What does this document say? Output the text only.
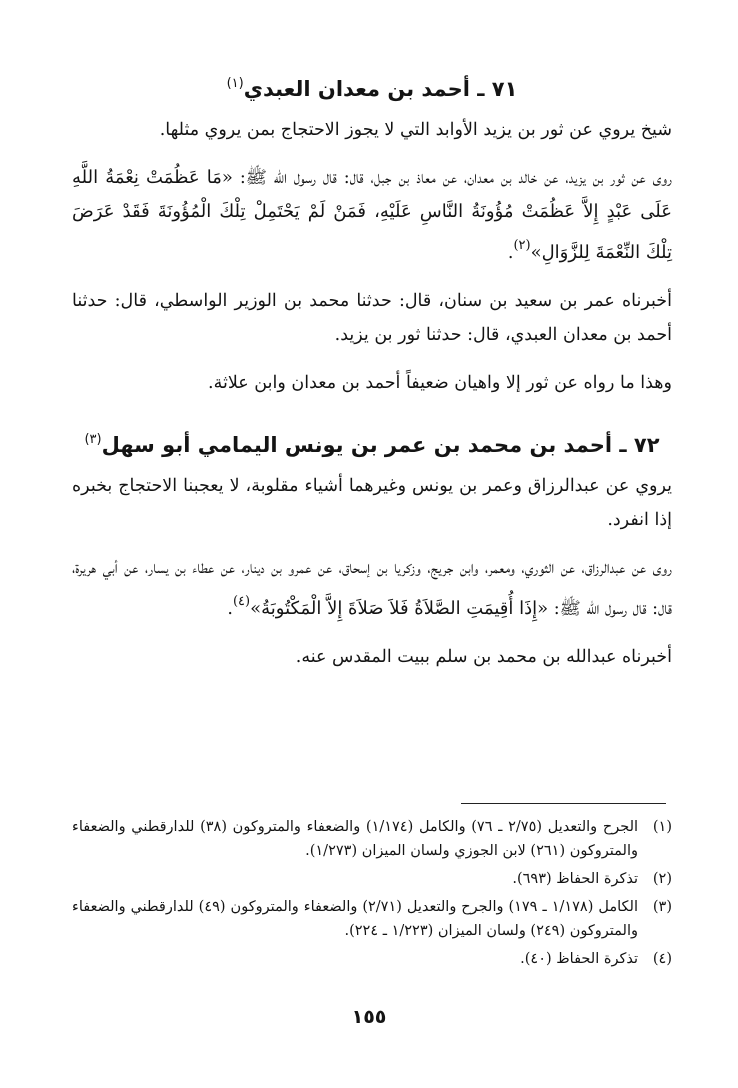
٧١ ـ أحمد بن معدان العبدي$^{(١)}$

شيخ يروي عن ثور بن يزيد الأوابد التي لا يجوز الاحتجاج بمن يروي مثلها.

روى عن ثور بن يزيد، عن خالد بن معدان، عن معاذ بن جبل، قال: قال رسول الله ﷺ: «مَا عَظُمَتْ نِعْمَةُ اللَّهِ عَلَى عَبْدٍ إِلاَّ عَظُمَتْ مُؤُونَةُ النَّاسِ عَلَيْهِ، فَمَنْ لَمْ يَحْتَمِلْ تِلْكَ الْمُؤُونَةَ فَقَدْ عَرَضَ تِلْكَ النِّعْمَةَ لِلزَّوَالِ»$^{(٢)}$.

أخبرناه عمر بن سعيد بن سنان، قال: حدثنا محمد بن الوزير الواسطي، قال: حدثنا أحمد بن معدان العبدي، قال: حدثنا ثور بن يزيد.

وهذا ما رواه عن ثور إلا واهيان ضعيفاً أحمد بن معدان وابن علاثة.

٧٢ ـ أحمد بن محمد بن عمر بن يونس اليمامي أبو سهل$^{(٣)}$

يروي عن عبدالرزاق وعمر بن يونس وغيرهما أشياء مقلوبة، لا يعجبنا الاحتجاج بخبره إذا انفرد.

روى عن عبدالرزاق، عن الثوري، ومعمر، وابن جريج، وزكريا بن إسحاق، عن عمرو بن دينار، عن عطاء بن يسار، عن أبي هريرة، قال: قال رسول الله ﷺ: «إِذَا أُقِيمَتِ الصَّلاَةُ فَلاَ صَلاَةَ إِلاَّ الْمَكْتُوبَةُ»$^{(٤)}$.

أخبرناه عبدالله بن محمد بن سلم ببيت المقدس عنه.

(١)
الجرح والتعديل (٢/٧٥ ـ ٧٦) والكامل (١/١٧٤) والضعفاء والمتروكون (٣٨) للدارقطني والضعفاء والمتروكون (٢٦١) لابن الجوزي ولسان الميزان (١/٢٧٣).
(٢)
تذكرة الحفاظ (٦٩٣).
(٣)
الكامل (١/١٧٨ ـ ١٧٩) والجرح والتعديل (٢/٧١) والضعفاء والمتروكون (٤٩) للدارقطني والضعفاء والمتروكون (٢٤٩) ولسان الميزان (١/٢٢٣ ـ ٢٢٤).
(٤)
تذكرة الحفاظ (٤٠).
١٥٥
